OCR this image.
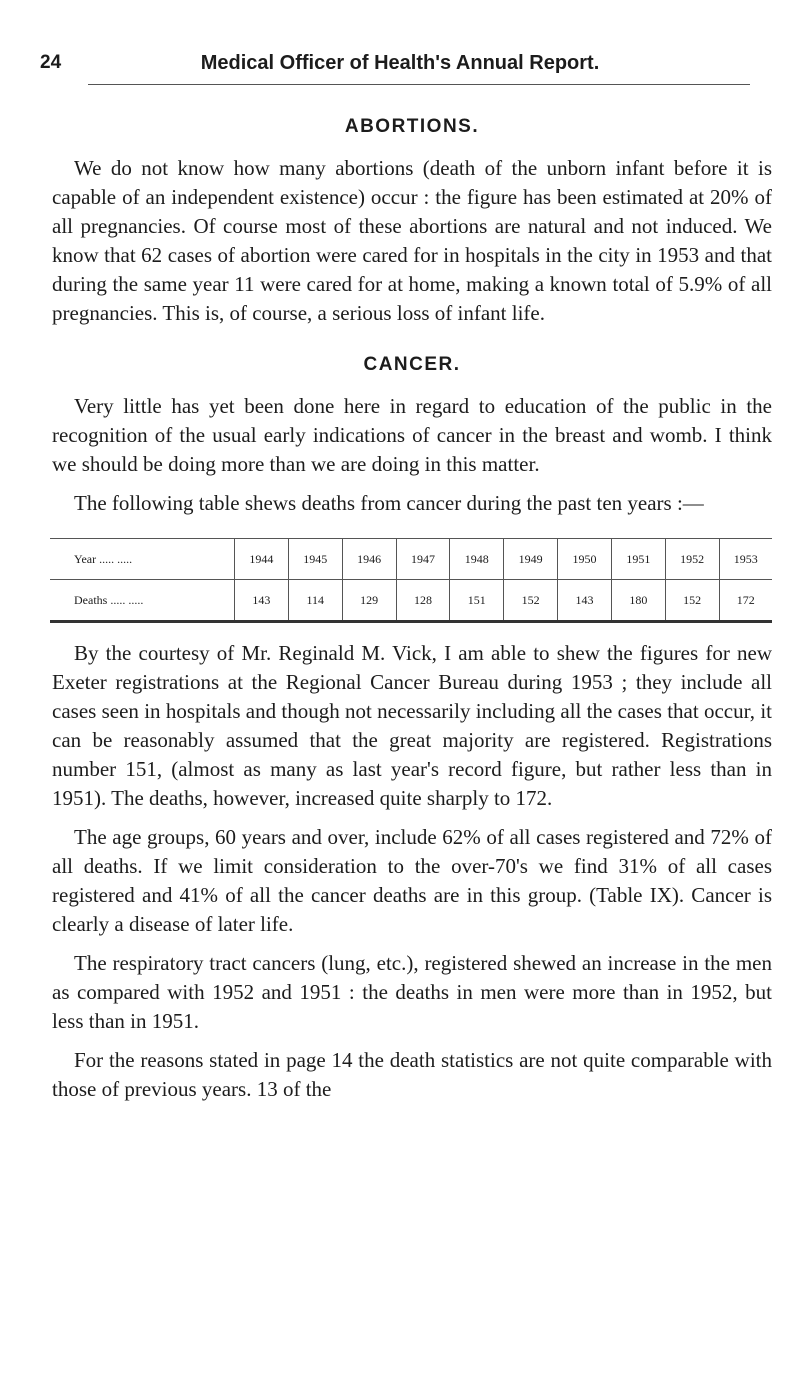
24	Medical Officer of Health's Annual Report.
ABORTIONS.

We do not know how many abortions (death of the unborn infant before it is capable of an independent existence) occur : the figure has been estimated at 20% of all pregnancies. Of course most of these abortions are natural and not induced. We know that 62 cases of abortion were cared for in hospitals in the city in 1953 and that during the same year 11 were cared for at home, making a known total of 5.9% of all pregnancies. This is, of course, a serious loss of infant life.

CANCER.

Very little has yet been done here in regard to education of the public in the recognition of the usual early indications of cancer in the breast and womb. I think we should be doing more than we are doing in this matter.

The following table shews deaths from cancer during the past ten years :—

Year ..... .....	1944	1945	1946	1947	1948	1949	1950	1951	1952	1953
Deaths ..... .....	143	114	129	128	151	152	143	180	152	172

By the courtesy of Mr. Reginald M. Vick, I am able to shew the figures for new Exeter registrations at the Regional Cancer Bureau during 1953 ; they include all cases seen in hospitals and though not necessarily including all the cases that occur, it can be reasonably assumed that the great majority are registered. Registrations number 151, (almost as many as last year's record figure, but rather less than in 1951). The deaths, however, increased quite sharply to 172.

The age groups, 60 years and over, include 62% of all cases registered and 72% of all deaths. If we limit consideration to the over-70's we find 31% of all cases registered and 41% of all the cancer deaths are in this group. (Table IX). Cancer is clearly a disease of later life.

The respiratory tract cancers (lung, etc.), registered shewed an increase in the men as compared with 1952 and 1951 : the deaths in men were more than in 1952, but less than in 1951.

For the reasons stated in page 14 the death statistics are not quite comparable with those of previous years. 13 of the
